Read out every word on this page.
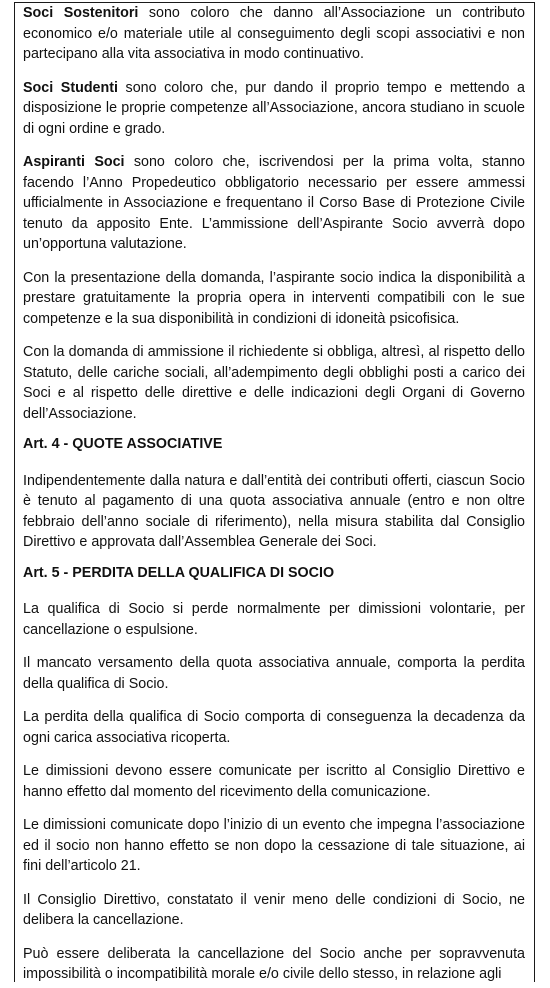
Soci Sostenitori sono coloro che danno all’Associazione un contributo economico e/o materiale utile al conseguimento degli scopi associativi e non partecipano alla vita associativa in modo continuativo.

Soci Studenti sono coloro che, pur dando il proprio tempo e mettendo a disposizione le proprie competenze all’Associazione, ancora studiano in scuole di ogni ordine e grado.

Aspiranti Soci sono coloro che, iscrivendosi per la prima volta, stanno facendo l’Anno Propedeutico obbligatorio necessario per essere ammessi ufficialmente in Associazione e frequentano il Corso Base di Protezione Civile tenuto da apposito Ente. L’ammissione dell’Aspirante Socio avverrà dopo un’opportuna valutazione.

Con la presentazione della domanda, l’aspirante socio indica la disponibilità a prestare gratuitamente la propria opera in interventi compatibili con le sue competenze e la sua disponibilità in condizioni di idoneità psicofisica.

Con la domanda di ammissione il richiedente si obbliga, altresì, al rispetto dello Statuto, delle cariche sociali, all’adempimento degli obblighi posti a carico dei Soci e al rispetto delle direttive e delle indicazioni degli Organi di Governo dell’Associazione.

Art. 4 - QUOTE ASSOCIATIVE

Indipendentemente dalla natura e dall’entità dei contributi offerti, ciascun Socio è tenuto al pagamento di una quota associativa annuale (entro e non oltre febbraio dell’anno sociale di riferimento), nella misura stabilita dal Consiglio Direttivo e approvata dall’Assemblea Generale dei Soci.

Art. 5 - PERDITA DELLA QUALIFICA DI SOCIO

La qualifica di Socio si perde normalmente per dimissioni volontarie, per cancellazione o espulsione.

Il mancato versamento della quota associativa annuale, comporta la perdita della qualifica di Socio.

La perdita della qualifica di Socio comporta di conseguenza la decadenza da ogni carica associativa ricoperta.

Le dimissioni devono essere comunicate per iscritto al Consiglio Direttivo e hanno effetto dal momento del ricevimento della comunicazione.

Le dimissioni comunicate dopo l’inizio di un evento che impegna l’associazione ed il socio non hanno effetto se non dopo la cessazione di tale situazione, ai fini dell’articolo 21.

Il Consiglio Direttivo, constatato il venir meno delle condizioni di Socio, ne delibera la cancellazione.

Può essere deliberata la cancellazione del Socio anche per sopravvenuta impossibilità o incompatibilità morale e/o civile dello stesso, in relazione agli
